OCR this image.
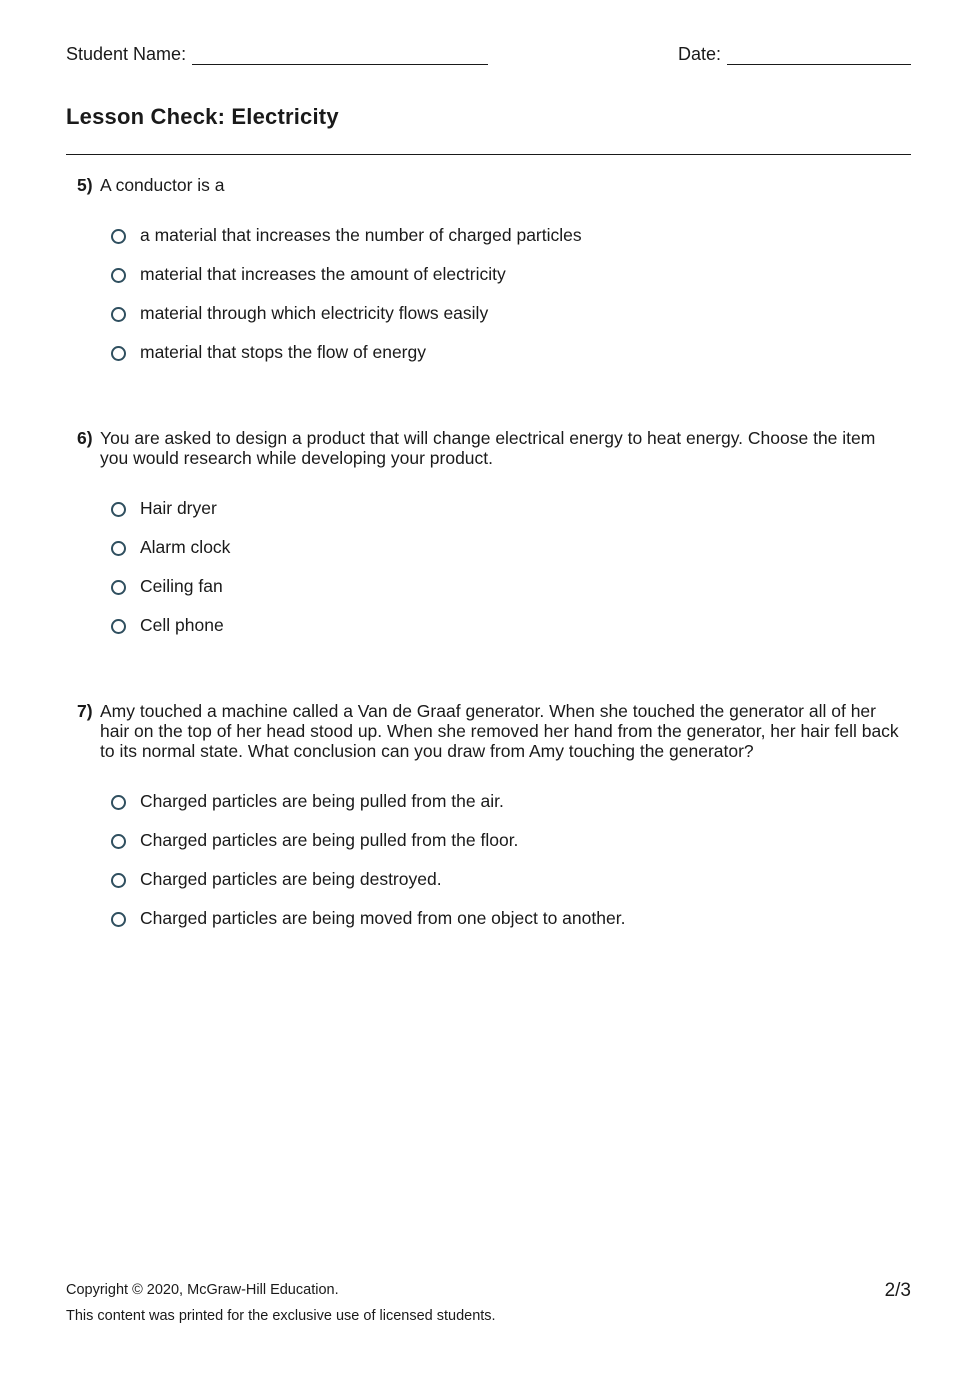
Student Name:	Date:
Lesson Check: Electricity
5) A conductor is a
a material that increases the number of charged particles
material that increases the amount of electricity
material through which electricity flows easily
material that stops the flow of energy
6) You are asked to design a product that will change electrical energy to heat energy. Choose the item you would research while developing your product.
Hair dryer
Alarm clock
Ceiling fan
Cell phone
7) Amy touched a machine called a Van de Graaf generator. When she touched the generator all of her hair on the top of her head stood up. When she removed her hand from the generator, her hair fell back to its normal state. What conclusion can you draw from Amy touching the generator?
Charged particles are being pulled from the air.
Charged particles are being pulled from the floor.
Charged particles are being destroyed.
Charged particles are being moved from one object to another.
Copyright © 2020, McGraw-Hill Education.
This content was printed for the exclusive use of licensed students.
2/3
